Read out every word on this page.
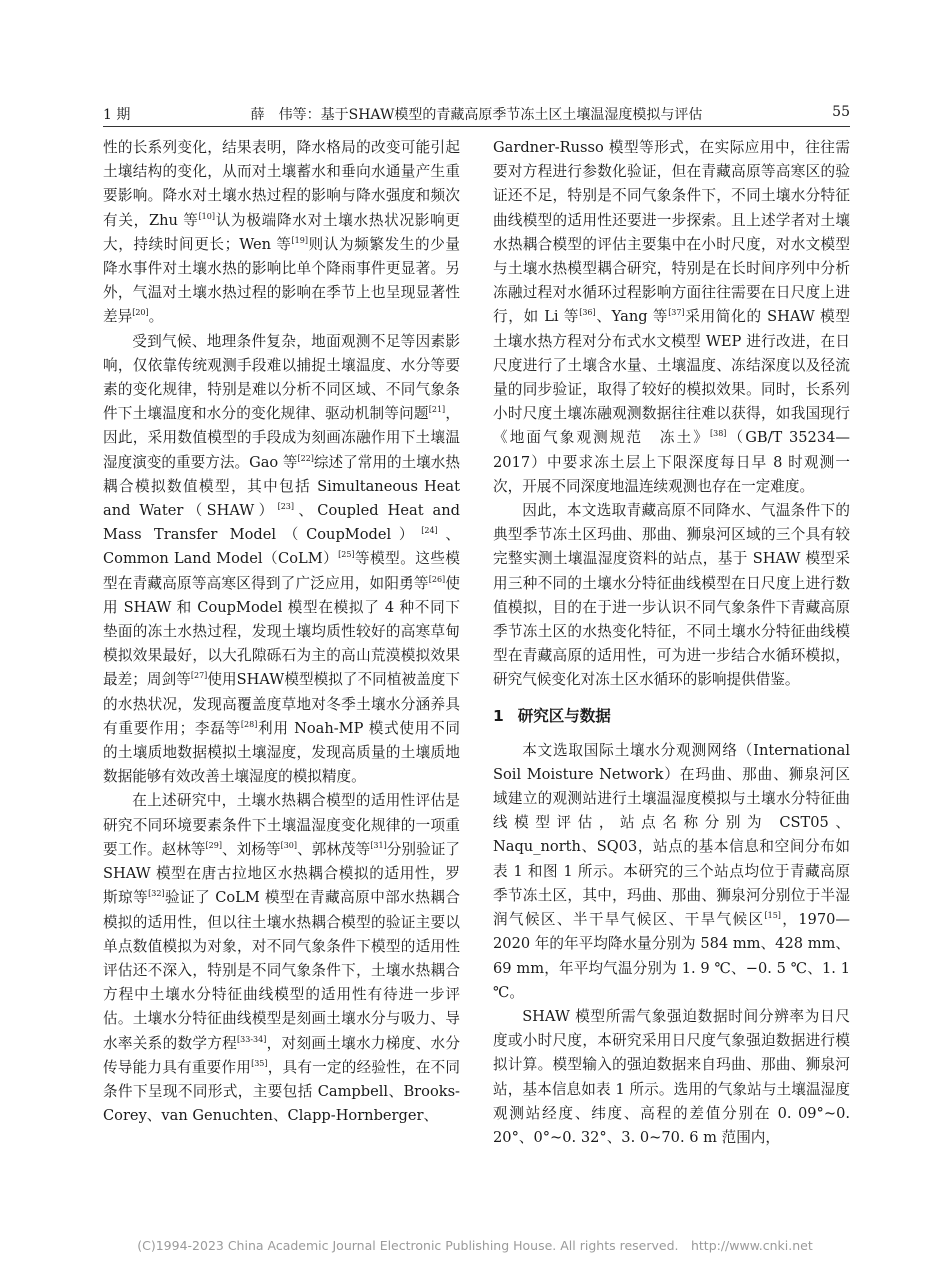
1 期	薛　伟等：基于SHAW模型的青藏高原季节冻土区土壤温湿度模拟与评估	55

性的长系列变化，结果表明，降水格局的改变可能引起土壤结构的变化，从而对土壤蓄水和垂向水通量产生重要影响。降水对土壤水热过程的影响与降水强度和频次有关，Zhu 等[10]认为极端降水对土壤水热状况影响更大，持续时间更长；Wen 等[19]则认为频繁发生的少量降水事件对土壤水热的影响比单个降雨事件更显著。另外，气温对土壤水热过程的影响在季节上也呈现显著性差异[20]。

受到气候、地理条件复杂，地面观测不足等因素影响，仅依靠传统观测手段难以捕捉土壤温度、水分等要素的变化规律，特别是难以分析不同区域、不同气象条件下土壤温度和水分的变化规律、驱动机制等问题[21]，因此，采用数值模型的手段成为刻画冻融作用下土壤温湿度演变的重要方法。Gao 等[22]综述了常用的土壤水热耦合模拟数值模型，其中包括 Simultaneous Heat and Water（SHAW）[23]、Coupled Heat and Mass Transfer Model（CoupModel）[24]、Common Land Model（CoLM）[25]等模型。这些模型在青藏高原等高寒区得到了广泛应用，如阳勇等[26]使用 SHAW 和 CoupModel 模型在模拟了 4 种不同下垫面的冻土水热过程，发现土壤均质性较好的高寒草甸模拟效果最好，以大孔隙砾石为主的高山荒漠模拟效果最差；周剑等[27]使用SHAW模型模拟了不同植被盖度下的水热状况，发现高覆盖度草地对冬季土壤水分涵养具有重要作用；李磊等[28]利用 Noah-MP 模式使用不同的土壤质地数据模拟土壤湿度，发现高质量的土壤质地数据能够有效改善土壤湿度的模拟精度。

在上述研究中，土壤水热耦合模型的适用性评估是研究不同环境要素条件下土壤温湿度变化规律的一项重要工作。赵林等[29]、刘杨等[30]、郭林茂等[31]分别验证了 SHAW 模型在唐古拉地区水热耦合模拟的适用性，罗斯琼等[32]验证了 CoLM 模型在青藏高原中部水热耦合模拟的适用性，但以往土壤水热耦合模型的验证主要以单点数值模拟为对象，对不同气象条件下模型的适用性评估还不深入，特别是不同气象条件下，土壤水热耦合方程中土壤水分特征曲线模型的适用性有待进一步评估。土壤水分特征曲线模型是刻画土壤水分与吸力、导水率关系的数学方程[33-34]，对刻画土壤水力梯度、水分传导能力具有重要作用[35]，具有一定的经验性，在不同条件下呈现不同形式，主要包括 Campbell、Brooks-Corey、van Genuchten、Clapp-Hornberger、

Gardner-Russo 模型等形式，在实际应用中，往往需要对方程进行参数化验证，但在青藏高原等高寒区的验证还不足，特别是不同气象条件下，不同土壤水分特征曲线模型的适用性还要进一步探索。且上述学者对土壤水热耦合模型的评估主要集中在小时尺度，对水文模型与土壤水热模型耦合研究，特别是在长时间序列中分析冻融过程对水循环过程影响方面往往需要在日尺度上进行，如 Li 等[36]、Yang 等[37]采用简化的 SHAW 模型土壤水热方程对分布式水文模型 WEP 进行改进，在日尺度进行了土壤含水量、土壤温度、冻结深度以及径流量的同步验证，取得了较好的模拟效果。同时，长系列小时尺度土壤冻融观测数据往往难以获得，如我国现行《地面气象观测规范　冻土》[38]（GB/T 35234—2017）中要求冻土层上下限深度每日早 8 时观测一次，开展不同深度地温连续观测也存在一定难度。

因此，本文选取青藏高原不同降水、气温条件下的典型季节冻土区玛曲、那曲、狮泉河区域的三个具有较完整实测土壤温湿度资料的站点，基于 SHAW 模型采用三种不同的土壤水分特征曲线模型在日尺度上进行数值模拟，目的在于进一步认识不同气象条件下青藏高原季节冻土区的水热变化特征，不同土壤水分特征曲线模型在青藏高原的适用性，可为进一步结合水循环模拟，研究气候变化对冻土区水循环的影响提供借鉴。

1 研究区与数据

本文选取国际土壤水分观测网络（International Soil Moisture Network）在玛曲、那曲、狮泉河区域建立的观测站进行土壤温湿度模拟与土壤水分特征曲线模型评估，站点名称分别为 CST05、Naqu_north、SQ03，站点的基本信息和空间分布如表 1 和图 1 所示。本研究的三个站点均位于青藏高原季节冻土区，其中，玛曲、那曲、狮泉河分别位于半湿润气候区、半干旱气候区、干旱气候区[15]，1970—2020 年的年平均降水量分别为 584 mm、428 mm、69 mm，年平均气温分别为 1. 9 ℃、−0. 5 ℃、1. 1 ℃。

SHAW 模型所需气象强迫数据时间分辨率为日尺度或小时尺度，本研究采用日尺度气象强迫数据进行模拟计算。模型输入的强迫数据来自玛曲、那曲、狮泉河站，基本信息如表 1 所示。选用的气象站与土壤温湿度观测站经度、纬度、高程的差值分别在 0. 09°~0. 20°、0°~0. 32°、3. 0~70. 6 m 范围内，

(C)1994-2023 China Academic Journal Electronic Publishing House. All rights reserved.　http://www.cnki.net
